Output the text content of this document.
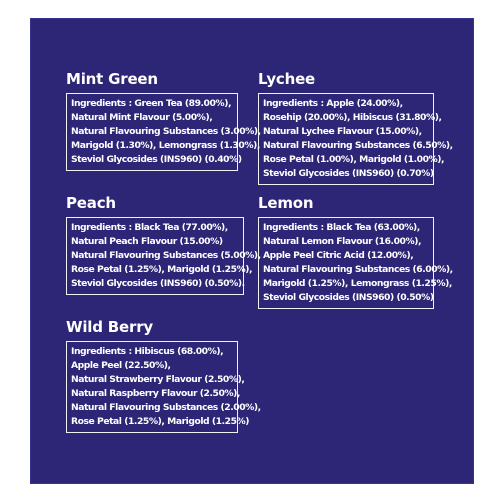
Mint Green
Ingredients : Green Tea (89.00%),
Natural Mint Flavour (5.00%),
Natural Flavouring Substances (3.00%),
Marigold (1.30%), Lemongrass (1.30%),
Steviol Glycosides (INS960) (0.40%)
Lychee
Ingredients : Apple (24.00%),
Rosehip (20.00%), Hibiscus (31.80%),
Natural Lychee Flavour (15.00%),
Natural Flavouring Substances (6.50%),
Rose Petal (1.00%), Marigold (1.00%),
Steviol Glycosides (INS960) (0.70%)
Peach
Ingredients : Black Tea (77.00%),
Natural Peach Flavour (15.00%)
Natural Flavouring Substances (5.00%),
Rose Petal (1.25%), Marigold (1.25%),
Steviol Glycosides (INS960) (0.50%).
Lemon
Ingredients : Black Tea (63.00%),
Natural Lemon Flavour (16.00%),
Apple Peel Citric Acid (12.00%),
Natural Flavouring Substances (6.00%),
Marigold (1.25%), Lemongrass (1.25%),
Steviol Glycosides (INS960) (0.50%)
Wild Berry
Ingredients : Hibiscus (68.00%),
Apple Peel (22.50%),
Natural Strawberry Flavour (2.50%),
Natural Raspberry Flavour (2.50%),
Natural Flavouring Substances (2.00%),
Rose Petal (1.25%), Marigold (1.25%)
